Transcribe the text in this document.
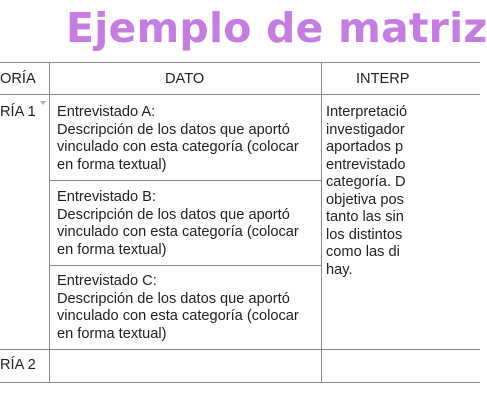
Ejemplo de matriz
ORÍA	DATO	INTERP
RÍA 1 Entrevistado A:
Descripción de los datos que aportó
vinculado con esta categoría (colocar
en forma textual)
Entrevistado B:
Descripción de los datos que aportó
vinculado con esta categoría (colocar
en forma textual)
Entrevistado C:
Descripción de los datos que aportó
vinculado con esta categoría (colocar
en forma textual)
Interpretació
investigador
aportados p
entrevistado
categoría. D
objetiva pos
tanto las sin
los distintos
como las di
hay.
RÍA 2
